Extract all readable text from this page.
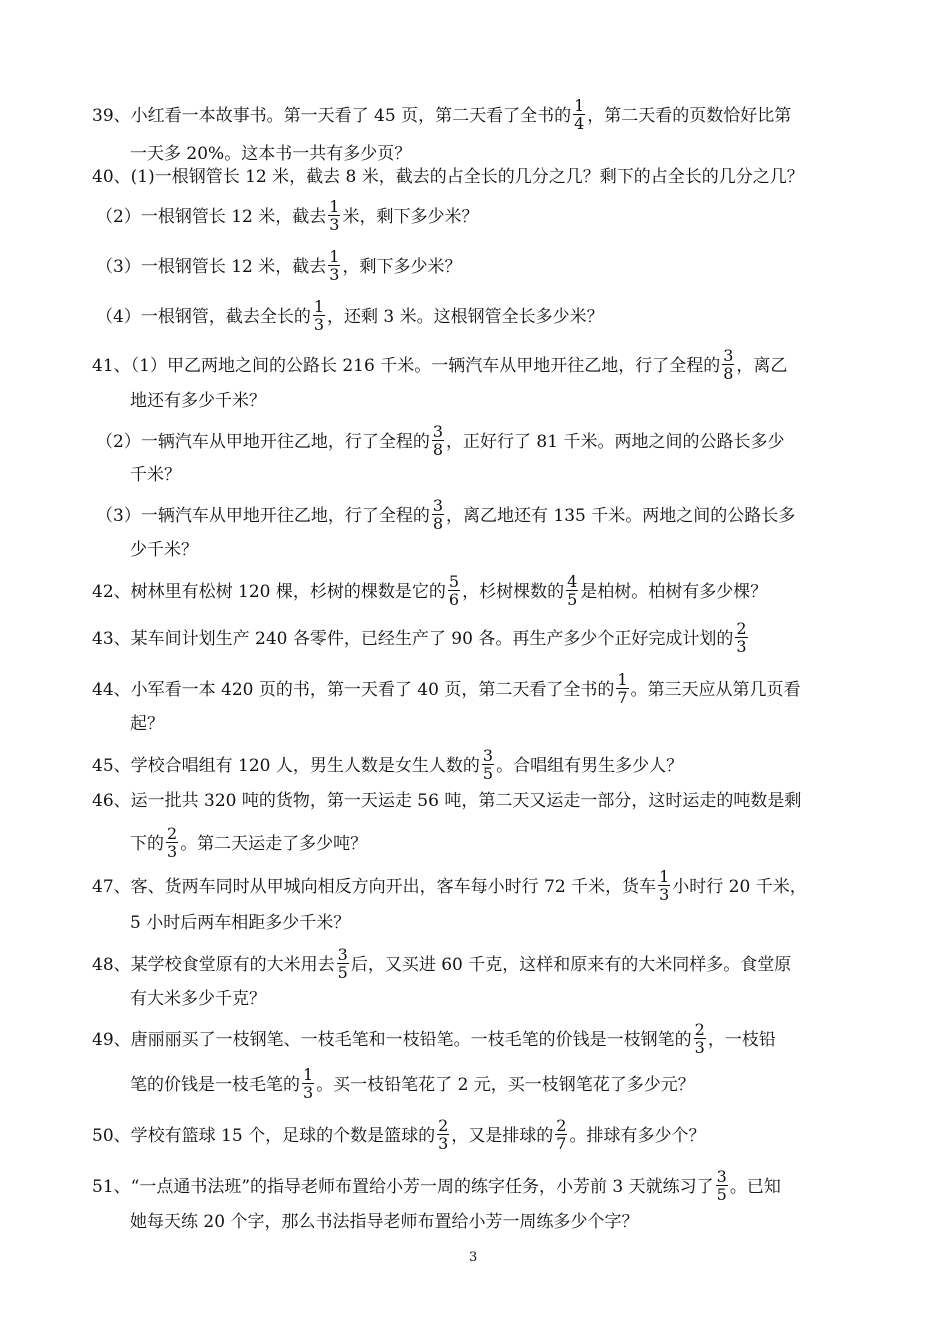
39、小红看一本故事书。第一天看了 45 页，第二天看了全书的 $\frac{1}{4}$ ，第二天看的页数恰好比第
一天多 20%。这本书一共有多少页？
40、(1)一根钢管长 12 米，截去 8 米，截去的占全长的几分之几？剩下的占全长的几分之几？
（2）一根钢管长 12 米，截去 $\frac{1}{3}$ 米，剩下多少米？
（3）一根钢管长 12 米，截去 $\frac{1}{3}$ ，剩下多少米？
（4）一根钢管，截去全长的 $\frac{1}{3}$ ，还剩 3 米。这根钢管全长多少米？
41、（1）甲乙两地之间的公路长 216 千米。一辆汽车从甲地开往乙地，行了全程的 $\frac{3}{8}$ ，离乙
地还有多少千米？
（2）一辆汽车从甲地开往乙地，行了全程的 $\frac{3}{8}$ ，正好行了 81 千米。两地之间的公路长多少
千米？
（3）一辆汽车从甲地开往乙地，行了全程的 $\frac{3}{8}$ ，离乙地还有 135 千米。两地之间的公路长多
少千米？
42、树林里有松树 120 棵，杉树的棵数是它的 $\frac{5}{6}$ ，杉树棵数的 $\frac{4}{5}$ 是柏树。柏树有多少棵？
43、某车间计划生产 240 各零件，已经生产了 90 各。再生产多少个正好完成计划的 $\frac{2}{3}$
44、小军看一本 420 页的书，第一天看了 40 页，第二天看了全书的 $\frac{1}{7}$ 。第三天应从第几页看
起？
45、学校合唱组有 120 人，男生人数是女生人数的 $\frac{3}{5}$ 。合唱组有男生多少人？
46、运一批共 320 吨的货物，第一天运走 56 吨，第二天又运走一部分，这时运走的吨数是剩
下的 $\frac{2}{3}$ 。第二天运走了多少吨？
47、客、货两车同时从甲城向相反方向开出，客车每小时行 72 千米，货车 $\frac{1}{3}$ 小时行 20 千米，
5 小时后两车相距多少千米？
48、某学校食堂原有的大米用去 $\frac{3}{5}$ 后，又买进 60 千克，这样和原来有的大米同样多。食堂原
有大米多少千克？
49、唐丽丽买了一枝钢笔、一枝毛笔和一枝铅笔。一枝毛笔的价钱是一枝钢笔的 $\frac{2}{3}$ ，一枝铅
笔的价钱是一枝毛笔的 $\frac{1}{3}$ 。买一枝铅笔花了 2 元，买一枝钢笔花了多少元？
50、学校有篮球 15 个，足球的个数是篮球的 $\frac{2}{3}$ ，又是排球的 $\frac{2}{7}$ 。排球有多少个？
51、“一点通书法班”的指导老师布置给小芳一周的练字任务，小芳前 3 天就练习了 $\frac{3}{5}$ 。已知
她每天练 20 个字，那么书法指导老师布置给小芳一周练多少个字？
3
